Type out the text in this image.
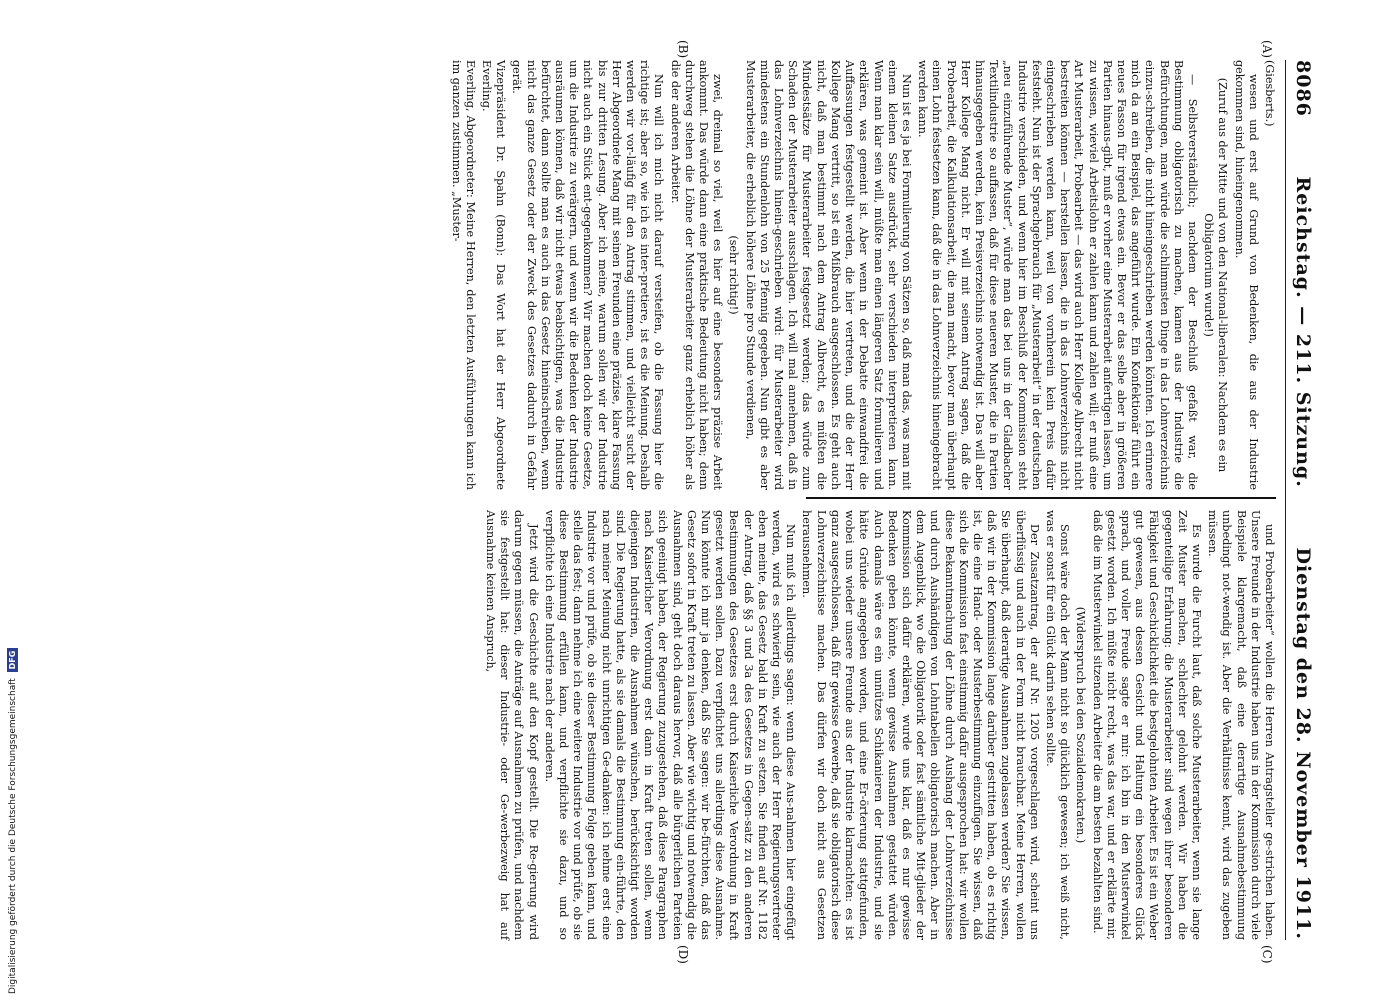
8086
Reichstag. — 211. Sitzung.
Dienstag den 28. November 1911.
(A)
(B)
(C)
(D)

(Giesberts.)

wesen und erst auf Grund von Bedenken, die aus der Industrie gekommen sind, hineingenommen.

(Zuruf aus der Mitte und von den National-liberalen: Nachdem es ein Obligatorium wurde!)

— Selbstverständlich; nachdem der Beschluß gefaßt war, die Bestimmung obligatorisch zu machen, kamen aus der Industrie die Befürchtungen, man würde die schlimmsten Dinge in das Lohnverzeichnis einzu-schreiben, die nicht hineingeschrieben werden könnten. Ich erinnere mich da an ein Beispiel, das angeführt wurde. Ein Konfektionär führt ein neues Fasson für irgend etwas ein. Bevor er das selbe aber in größeren Partien hinaus-gibt, muß er vorher eine Musterarbeit anfertigen lassen, um zu wissen, wieviel Arbeitslohn er zahlen kann und zahlen will; er muß eine Art Musterarbeit, Probearbeit — das wird auch Herr Kollege Albrecht nicht bestreiten können — herstellen lassen, die in das Lohnverzeichnis nicht eingeschrieben werden kann, weil von vornherein kein Preis dafür feststeht. Nun ist der Sprachgebrauch für „Musterarbeit“ in der deutschen Industrie verschieden, und wenn hier im Beschluß der Kommission steht „neu einzuführende Muster“, würde man das bei uns in der Gladbacher Textilindustrie so auffassen, daß für diese neueren Muster, die in Partien hinausgegeben werden, kein Preisverzeichnis notwendig ist. Das will aber Herr Kollege Mang nicht. Er will mit seinem Antrag sagen, daß die Probearbeit, die Kalkulationsarbeit, die man macht, bevor man überhaupt einen Lohn festsetzen kann, daß die in das Lohnverzeichnis hineingebracht werden kann.

Nun ist es ja bei Formulierung von Sätzen so, daß man das, was man mit einem kleinen Satze ausdrückt, sehr verschieden interpretieren kann. Wenn man klar sein will, müßte man einen längeren Satz formulieren und erklären, was gemeint ist. Aber wenn in der Debatte einwandfrei die Auffassungen festgestellt werden, die hier vertreten, und die der Herr Kollege Mang vertritt, so ist ein Mißbrauch ausgeschlossen. Es geht auch nicht, daß man bestimmt nach dem Antrag Albrecht, es müßten die Mindestsätze für Musterarbeiter festgesetzt werden; das würde zum Schaden der Musterarbeiter ausschlagen. Ich will mal annehmen, daß in das Lohnverzeichnis hinein-geschrieben wird: für Musterarbeiter wird mindestens ein Stundenlohn von 25 Pfennig gegeben. Nun gibt es aber Musterarbeiter, die erheblich höhere Löhne pro Stunde verdienen,

(sehr richtig!)

zwei, dreimal so viel, weil es hier auf eine besonders präzise Arbeit ankommt. Das würde dann eine praktische Bedeutung nicht haben; denn durchweg stehen die Löhne der Musterarbeiter ganz erheblich höher als die der anderen Arbeiter.

Nun will ich mich nicht darauf versteifen, ob die Fassung hier die richtige ist; aber so, wie ich es inter-pretiere, ist es die Meinung. Deshalb werden wir vor-läufig für den Antrag stimmen, und vielleicht sucht der Herr Abgeordnete Mang mit seinen Freunden eine präzise, klare Fassung bis zur dritten Lesung. Aber ich meine, warum sollen wir der Industrie nicht auch ein Stück ent-gegenkommen? Wir machen doch keine Gesetze, um die Industrie zu verärgern, und wenn wir die Bedenken der Industrie ausräumen können, daß wir nicht etwas beabsichtigen, was die Industrie befürchtet, dann sollte man es auch in das Gesetz hineinschreiben, wenn nicht das ganze Gesetz oder der Zweck des Gesetzes dadurch in Gefahr gerät.

Vizepräsident Dr. Spahn (Bonn): Das Wort hat der Herr Abgeordnete Everling.

Everling, Abgeordneter: Meine Herren, den letzten Ausführungen kann ich im ganzen zustimmen. „Muster-

und Probearbeiter“ wollen die Herren Antragsteller ge-strichen haben. Unsere Freunde in der Industrie haben uns in der Kommission durch viele Beispiele klargemacht, daß eine derartige Ausnahmebestimmung unbedingt not-wendig ist. Aber die Verhältnisse kennt, wird das zugeben müssen.

Es wurde die Furcht laut, daß solche Musterarbeiter, wenn sie lange Zeit Muster machen, schlechter gelohnt werden. Wir haben die gegenteilige Erfahrung: die Musterarbeiter sind wegen ihrer besonderen Fähigkeit und Geschicklichkeit die bestgelohnten Arbeiter. Es ist ein Weber gut gewesen, aus dessen Gesicht und Haltung ein besonderes Glück sprach, und voller Freude sagte er mir: ich bin in den Musterwinkel gesetzt worden. Ich müßte nicht recht, was das war, und er erklärte mir, daß die im Musterwinkel sitzenden Arbeiter die am besten bezahlten sind.

(Widerspruch bei den Sozialdemokraten.)

Sonst wäre doch der Mann nicht so glücklich gewesen; ich weiß nicht, was er sonst für ein Glück darin sehen sollte.

Der Zusatzantrag, der auf Nr. 1205 vorgeschlagen wird, scheint uns überflüssig und auch in der Form nicht brauchbar. Meine Herren, wollen Sie überhaupt, daß derartige Ausnahmen zugelassen werden? Sie wissen, daß wir in der Kommission lange darüber gestritten haben, ob es richtig ist, die eine Hand- oder Musterbestimmung einzufügen. Sie wissen, daß sich die Kommission fast einstimmig dafür ausgesprochen hat: wir wollen diese Bekanntmachung der Löhne durch Aushang der Lohnverzeichnisse und durch Aushändigen von Lohntabellen obligatorisch machen. Aber in dem Augenblick, wo die Obligatorik oder fast sämtliche Mit-glieder der Kommission sich dafür erklären, wurde uns klar, daß es nur gewisse Bedenken geben könnte, wenn gewisse Ausnahmen gestattet würden. Auch damals wäre es ein unnützes Schikanieren der Industrie, und sie hätte Gründe angegeben worden, und eine Er-örterung stattgefunden, wobei uns wieder unsere Freunde aus der Industrie klarmachten: es ist ganz ausgeschlossen, daß für gewisse Gewerbe, daß sie obligatorisch diese Lohnverzeichnisse machen. Das dürfen wir doch nicht aus Gesetzen herausnehmen.

Nun muß ich allerdings sagen: wenn diese Aus-nahmen hier eingefügt werden, wird es schwierig sein, wie auch der Herr Regierungsvertreter eben meinte, das Gesetz bald in Kraft zu setzen. Sie finden auf Nr. 1182 der Antrag, daß §§ 3 und 3a des Gesetzes in Gegen-satz zu den anderen Bestimmungen des Gesetzes erst durch Kaiserliche Verordnung in Kraft gesetzt werden sollen. Dazu verpflichtet uns allerdings diese Ausnahme. Nun könnte ich mir ja denken, daß Sie sagen: wir be-fürchten, daß das Gesetz sofort in Kraft treten zu lassen. Aber wie wichtig und notwendig die Ausnahmen sind, geht doch daraus hervor, daß alle bürgerlichen Parteien sich geeinigt haben, der Regierung zuzugestehen, daß diese Paragraphen nach Kaiserlicher Verordnung erst dann in Kraft treten sollen, wenn diejenigen Industrien, die Ausnahmen wünschen, berücksichtigt worden sind. Die Regierung hatte, als sie damals die Bestimmung ein-führte, den nach meiner Meinung nicht unrichtigen Ge-danken: ich nehme erst eine Industrie vor und prüfe, ob sie dieser Bestimmung Folge geben kann, und stelle das fest; dann nehme ich eine weitere Industrie vor und prüfe, ob sie diese Bestimmung erfüllen kann, und verpflichte sie dazu, und so verpflichte ich eine Industrie nach der anderen.

Jetzt wird die Geschichte auf den Kopf gestellt. Die Re-gierung wird darum gegen müssen, die Anträge auf Ausnahmen zu prüfen, und nachdem sie festgestellt hat: dieser Industrie- oder Ge-werbezweig hat auf Ausnahme keinen Anspruch,

Digitalisierung gefördert durch die Deutsche Forschungsgemeinschaft DFG
